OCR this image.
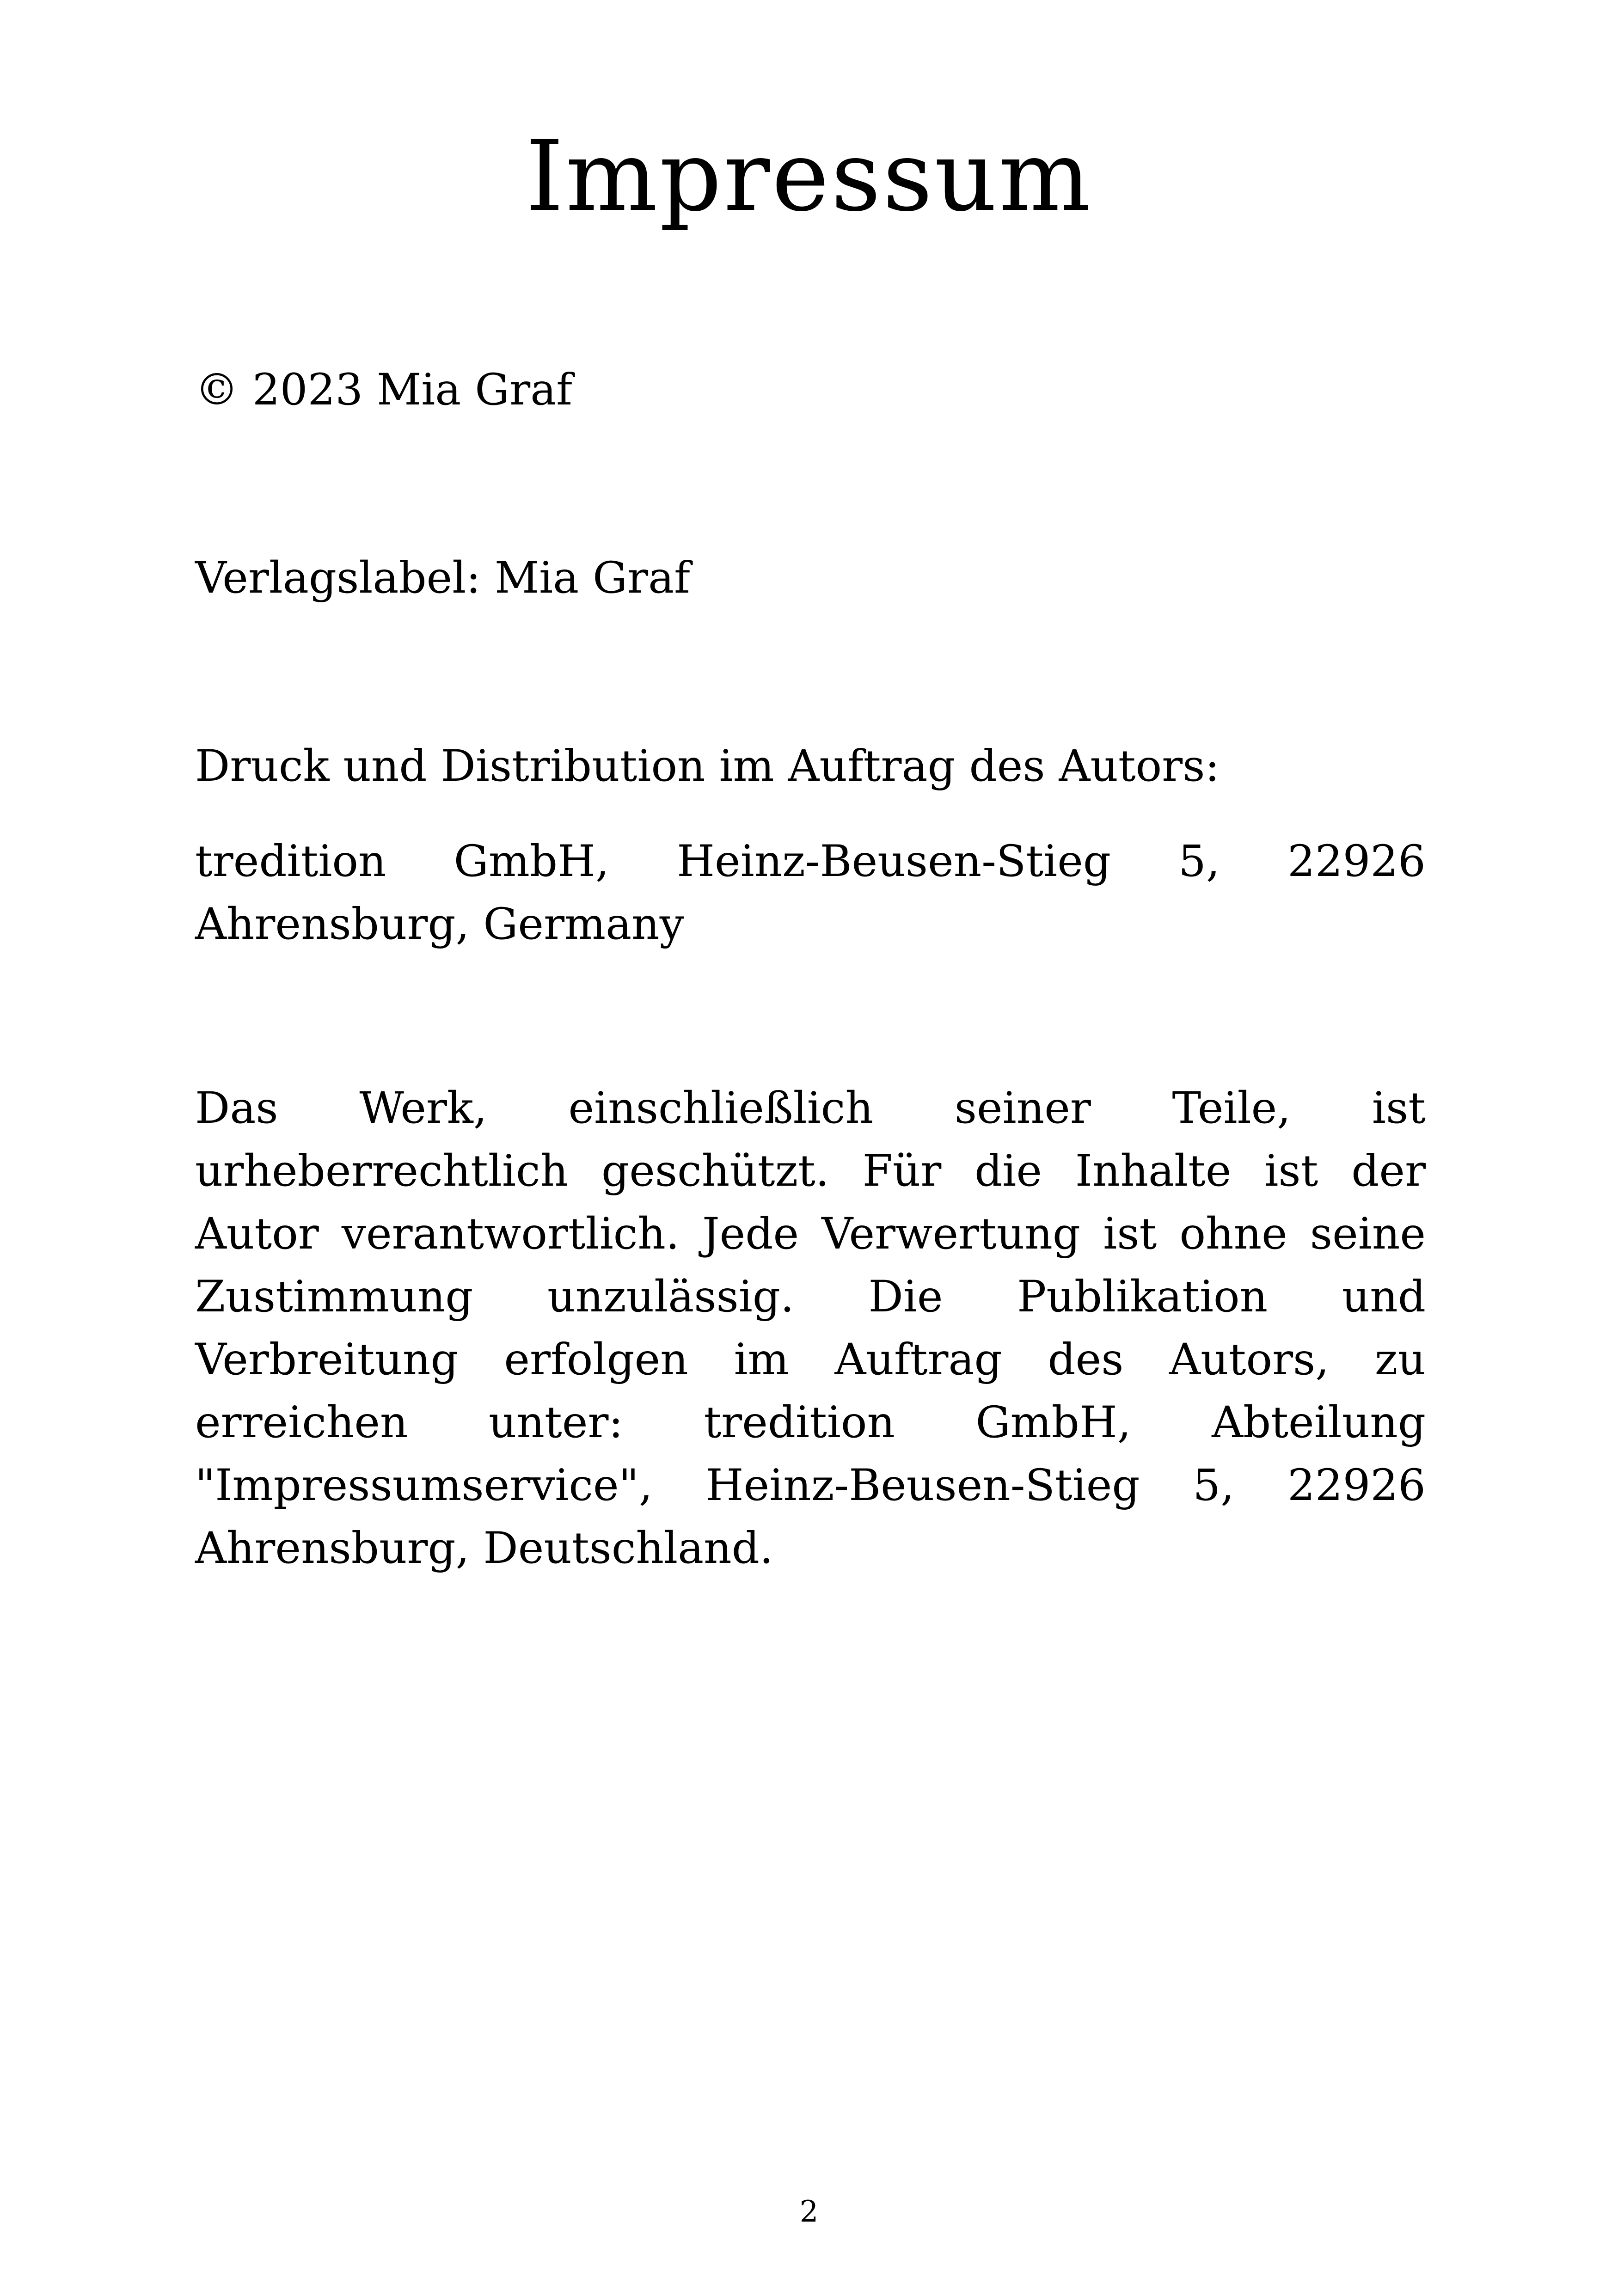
Impressum

© 2023 Mia Graf

Verlagslabel: Mia Graf

Druck und Distribution im Auftrag des Autors:

tredition GmbH, Heinz-Beusen-Stieg 5, 22926 Ahrensburg, Germany

Das Werk, einschließlich seiner Teile, ist urheberrechtlich geschützt. Für die Inhalte ist der Autor verantwortlich. Jede Verwertung ist ohne seine Zustimmung unzulässig. Die Publikation und Verbreitung erfolgen im Auftrag des Autors, zu erreichen unter: tredition GmbH, Abteilung "Impressumservice", Heinz-Beusen-Stieg 5, 22926 Ahrensburg, Deutschland.

2
